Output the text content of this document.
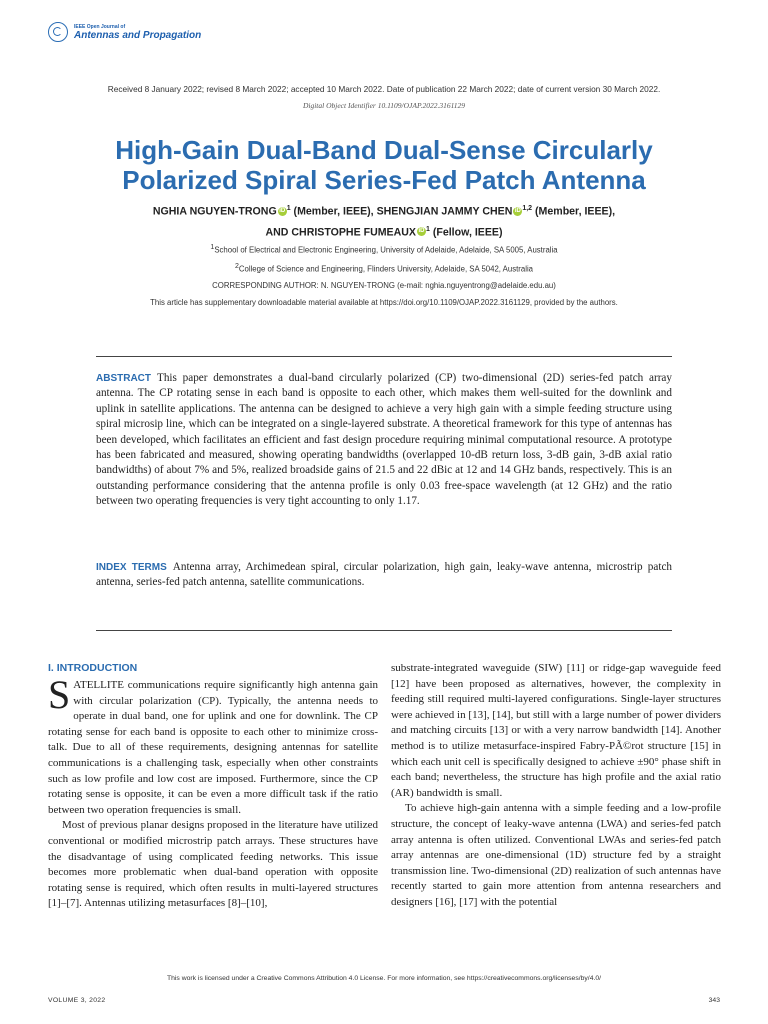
IEEE Open Journal of
Antennas and Propagation
Received 8 January 2022; revised 8 March 2022; accepted 10 March 2022. Date of publication 22 March 2022; date of current version 30 March 2022.
Digital Object Identifier 10.1109/OJAP.2022.3161129
High-Gain Dual-Band Dual-Sense Circularly
Polarized Spiral Series-Fed Patch Antenna
NGHIA NGUYEN-TRONG iD $^1$ (Member, IEEE), SHENGJIAN JAMMY CHEN iD $^{1,2}$ (Member, IEEE),
AND CHRISTOPHE FUMEAUX iD $^1$ (Fellow, IEEE)
$^1$School of Electrical and Electronic Engineering, University of Adelaide, Adelaide, SA 5005, Australia
$^2$College of Science and Engineering, Flinders University, Adelaide, SA 5042, Australia
CORRESPONDING AUTHOR: N. NGUYEN-TRONG (e-mail: nghia.nguyentrong@adelaide.edu.au)
This article has supplementary downloadable material available at https://doi.org/10.1109/OJAP.2022.3161129, provided by the authors.
ABSTRACT This paper demonstrates a dual-band circularly polarized (CP) two-dimensional (2D) series-fed patch array antenna. The CP rotating sense in each band is opposite to each other, which makes them well-suited for the downlink and uplink in satellite applications. The antenna can be designed to achieve a very high gain with a simple feeding structure using spiral microsip line, which can be integrated on a single-layered substrate. A theoretical framework for this type of antennas has been developed, which facilitates an efficient and fast design procedure requiring minimal computational resource. A prototype has been fabricated and measured, showing operating bandwidths (overlapped 10-dB return loss, 3-dB gain, 3-dB axial ratio bandwidths) of about 7% and 5%, realized broadside gains of 21.5 and 22 dBic at 12 and 14 GHz bands, respectively. This is an outstanding performance considering that the antenna profile is only 0.03 free-space wavelength (at 12 GHz) and the ratio between two operating frequencies is very tight accounting to only 1.17.
INDEX TERMS Antenna array, Archimedean spiral, circular polarization, high gain, leaky-wave antenna, microstrip patch antenna, series-fed patch antenna, satellite communications.
I. INTRODUCTION

SATELLITE communications require significantly high antenna gain with circular polarization (CP). Typically, the antenna needs to operate in dual band, one for uplink and one for downlink. The CP rotating sense for each band is opposite to each other to minimize cross-talk. Due to all of these requirements, designing antennas for satellite communications is a challenging task, especially when other constraints such as low profile and low cost are imposed. Furthermore, since the CP rotating sense is opposite, it can be even a more difficult task if the ratio between two operation frequencies is small.

Most of previous planar designs proposed in the literature have utilized conventional or modified microstrip patch arrays. These structures have the disadvantage of using complicated feeding networks. This issue becomes more problematic when dual-band operation with opposite rotating sense is required, which often results in multi-layered structures [1]–[7]. Antennas utilizing metasurfaces [8]–[10],

substrate-integrated waveguide (SIW) [11] or ridge-gap waveguide feed [12] have been proposed as alternatives, however, the complexity in feeding still required multi-layered configurations. Single-layer structures were achieved in [13], [14], but still with a large number of power dividers and matching circuits [13] or with a very narrow bandwidth [14]. Another method is to utilize metasurface-inspired Fabry-PÃ©rot structure [15] in which each unit cell is specifically designed to achieve ±90° phase shift in each band; nevertheless, the structure has high profile and the axial ratio (AR) bandwidth is small.

To achieve high-gain antenna with a simple feeding and a low-profile structure, the concept of leaky-wave antenna (LWA) and series-fed patch array antenna is often utilized. Conventional LWAs and series-fed patch array antennas are one-dimensional (1D) structure fed by a straight transmission line. Two-dimensional (2D) realization of such antennas have recently started to gain more attention from antenna researchers and designers [16], [17] with the potential

This work is licensed under a Creative Commons Attribution 4.0 License. For more information, see https://creativecommons.org/licenses/by/4.0/
VOLUME 3, 2022	343
